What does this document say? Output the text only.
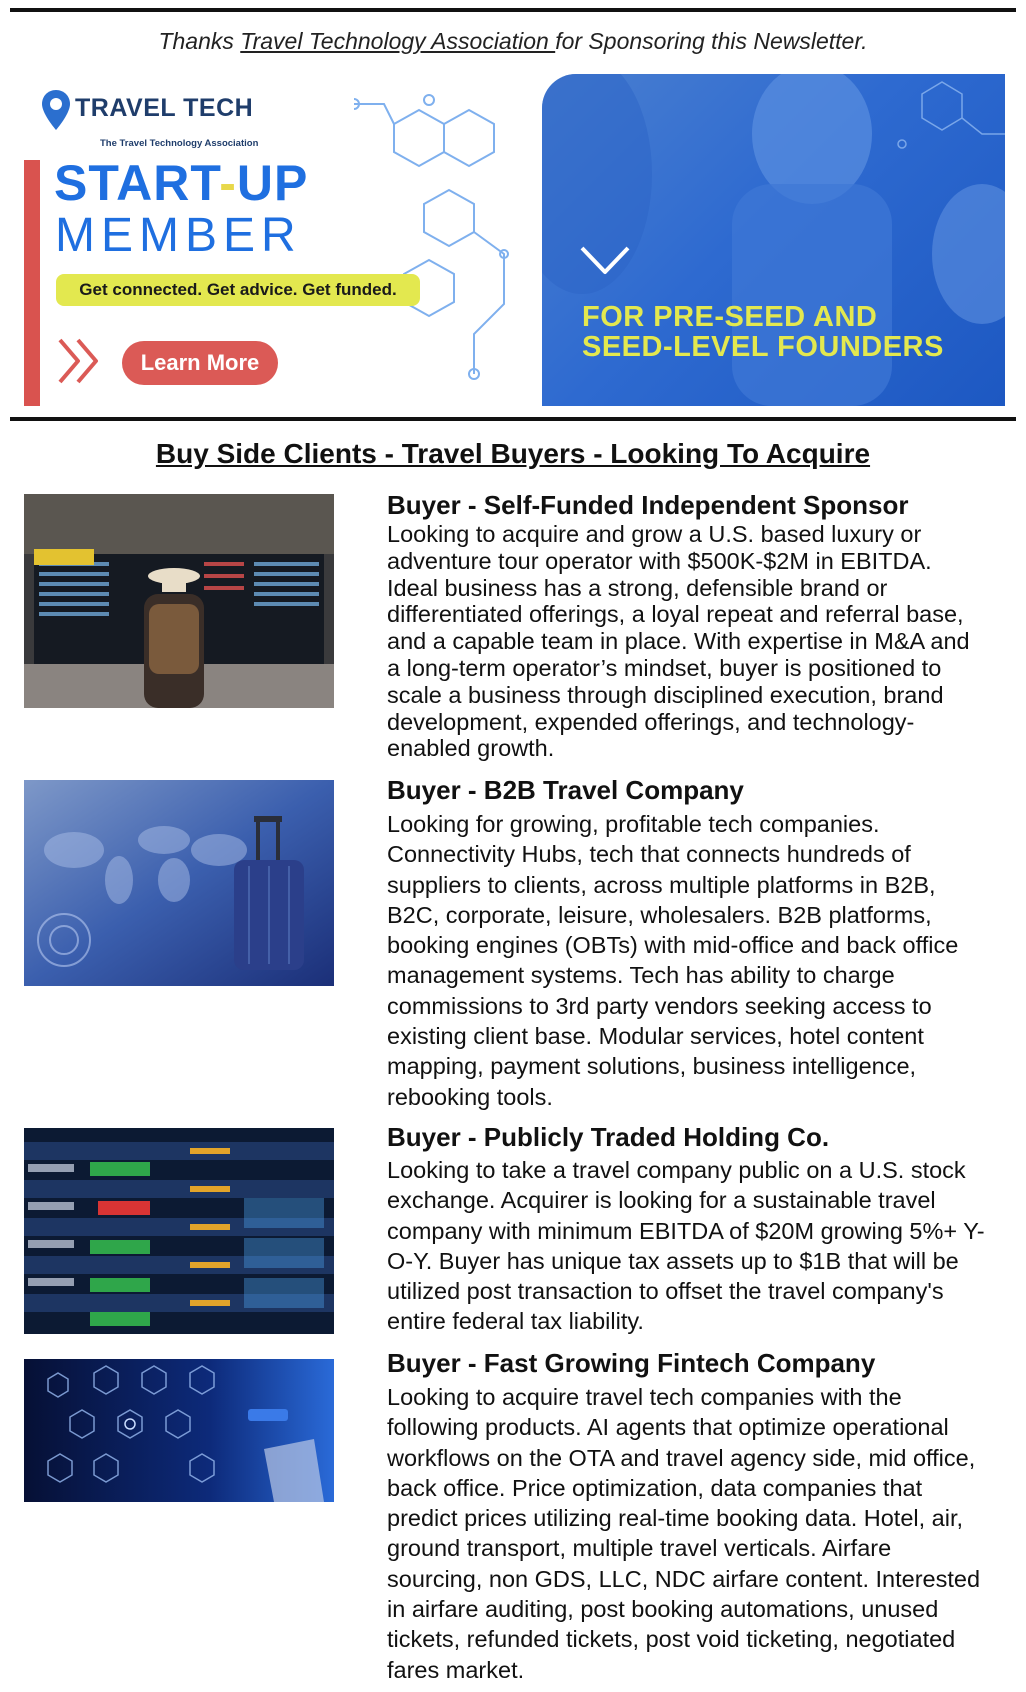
Thanks Travel Technology Association for Sponsoring this Newsletter.
TRAVEL TECH
The Travel Technology Association
START-UP
MEMBER
Get connected. Get advice. Get funded.
Learn More
FOR PRE-SEED AND
SEED-LEVEL FOUNDERS
Buy Side Clients - Travel Buyers - Looking To Acquire
Buyer - Self-Funded Independent Sponsor
Looking to acquire and grow a U.S. based luxury or adventure tour operator with $500K-$2M in EBITDA. Ideal business has a strong, defensible brand or differentiated offerings, a loyal repeat and referral base, and a capable team in place. With expertise in M&A and a long-term operator’s mindset, buyer is positioned to scale a business through disciplined execution, brand development, expended offerings, and technology-enabled growth.
Buyer - B2B Travel Company
Looking for growing, profitable tech companies. Connectivity Hubs, tech that connects hundreds of suppliers to clients, across multiple platforms in B2B, B2C, corporate, leisure, wholesalers. B2B platforms, booking engines (OBTs) with mid-office and back office management systems. Tech has ability to charge commissions to 3rd party vendors seeking access to existing client base. Modular services, hotel content mapping, payment solutions, business intelligence, rebooking tools.
Buyer - Publicly Traded Holding Co.
Looking to take a travel company public on a U.S. stock exchange. Acquirer is looking for a sustainable travel company with minimum EBITDA of $20M growing 5%+ Y-O-Y. Buyer has unique tax assets up to $1B that will be utilized post transaction to offset the travel company's entire federal tax liability.
Buyer - Fast Growing Fintech Company
Looking to acquire travel tech companies with the following products. AI agents that optimize operational workflows on the OTA and travel agency side, mid office, back office. Price optimization, data companies that predict prices utilizing real-time booking data. Hotel, air, ground transport, multiple travel verticals. Airfare sourcing, non GDS, LLC, NDC airfare content. Interested in airfare auditing, post booking automations, unused tickets, refunded tickets, post void ticketing, negotiated fares market.
